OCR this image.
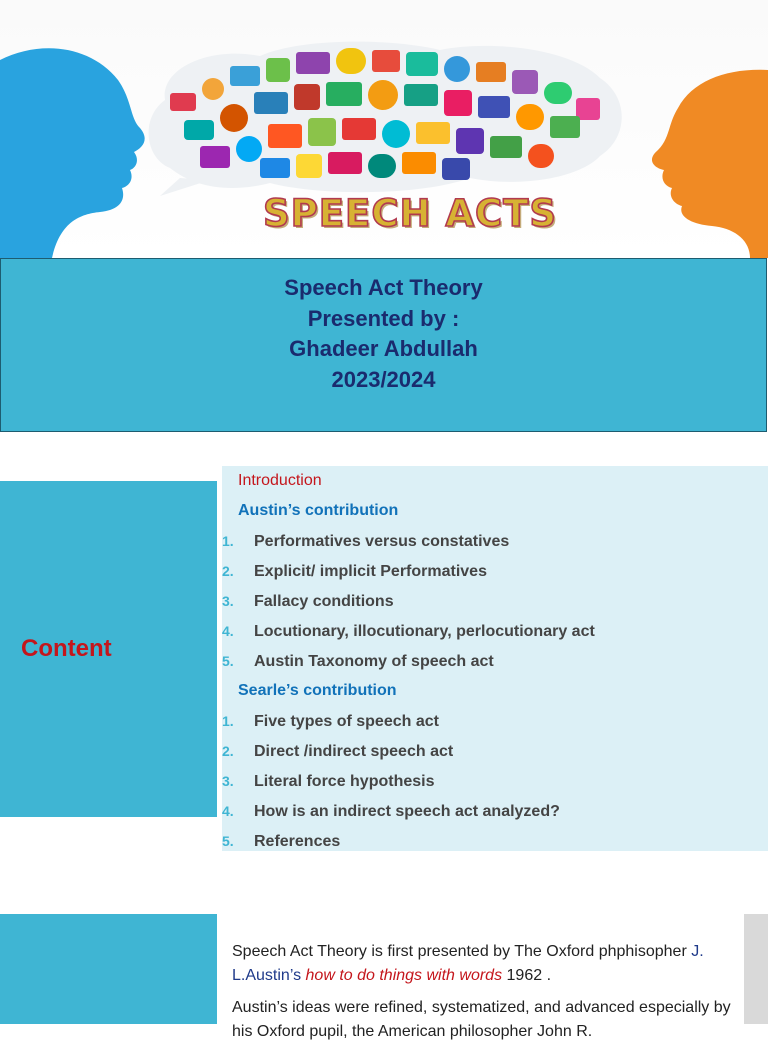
SPEECH ACTS
Speech Act Theory
Presented by :
Ghadeer Abdullah
2023/2024
Content
Introduction
Austin’s contribution
1. Performatives versus constatives
2. Explicit/ implicit Performatives
3. Fallacy conditions
4. Locutionary, illocutionary, perlocutionary act
5. Austin Taxonomy of speech act
Searle’s contribution
1. Five types of speech act
2. Direct /indirect speech act
3. Literal force hypothesis
4. How is an indirect speech act analyzed?
5. References

Speech Act Theory is first presented by The Oxford phphisopher J. L.Austin’s how to do things with words 1962 .

Austin’s ideas were refined, systematized, and advanced especially by his Oxford pupil, the American philosopher John R.
